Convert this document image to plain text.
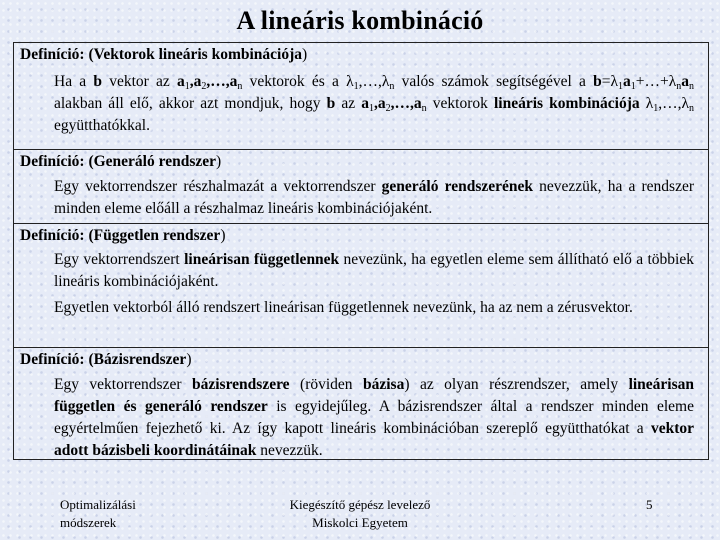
A lineáris kombináció
Definíció: (Vektorok lineáris kombinációja)
Ha a b vektor az $a_1,a_2,\dots,a_n$ vektorok és a $\lambda_1,\dots,\lambda_n$ valós számok segítségével a $b=\lambda_1a_1+\dots+\lambda_na_n$ alakban áll elő, akkor azt mondjuk, hogy b az $a_1,a_2,\dots,a_n$ vektorok lineáris kombinációja $\lambda_1,\dots,\lambda_n$ együtthatókkal.
Definíció: (Generáló rendszer)
Egy vektorrendszer részhalmazát a vektorrendszer generáló rendszerének nevezzük, ha a rendszer minden eleme előáll a részhalmaz lineáris kombinációjaként.
Definíció: (Független rendszer)
Egy vektorrendszert lineárisan függetlennek nevezünk, ha egyetlen eleme sem állítható elő a többiek lineáris kombinációjaként.
Egyetlen vektorból álló rendszert lineárisan függetlennek nevezünk, ha az nem a zérusvektor.
Definíció: (Bázisrendszer)
Egy vektorrendszer bázisrendszere (röviden bázisa) az olyan részrendszer, amely lineárisan független és generáló rendszer is egyidejűleg. A bázisrendszer által a rendszer minden eleme egyértelműen fejezhető ki. Az így kapott lineáris kombinációban szereplő együtthatókat a vektor adott bázisbeli koordinátáinak nevezzük.
Optimalizálási
módszerek
Kiegészítő gépész levelező
Miskolci Egyetem
5
